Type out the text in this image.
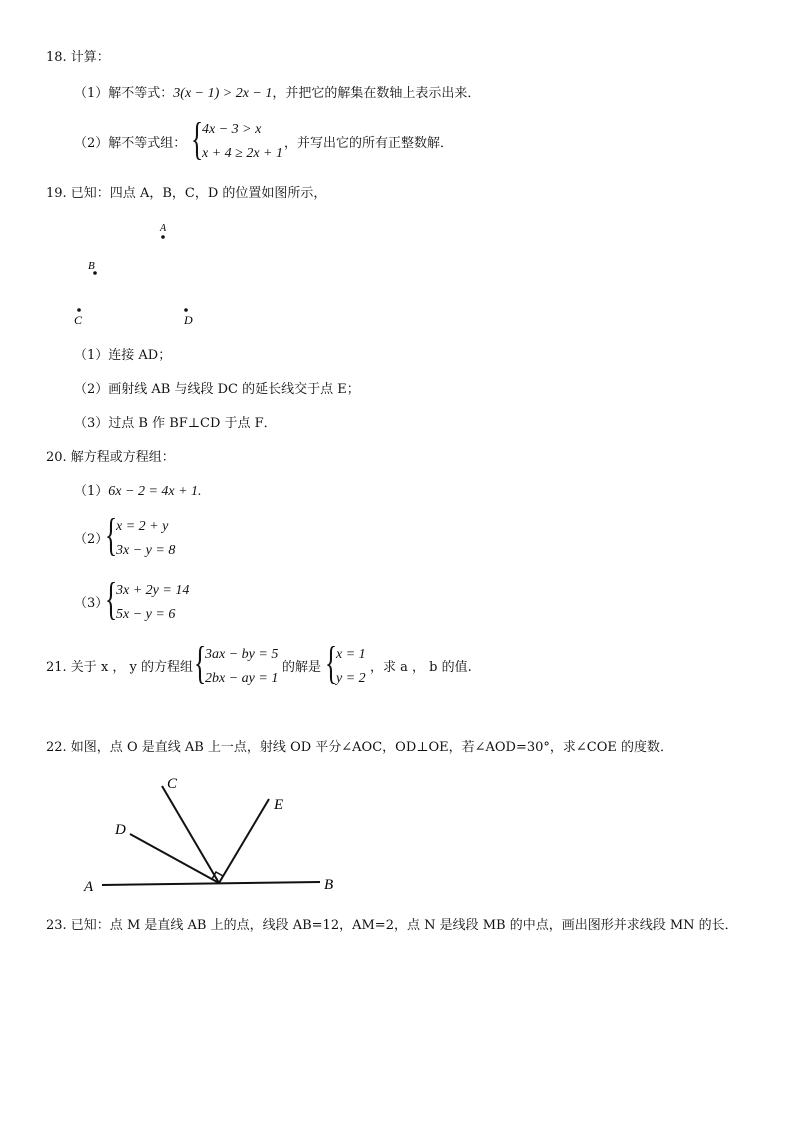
18. 计算：
（1）解不等式：3(x − 1) > 2x − 1，并把它的解集在数轴上表示出来．
（2）解不等式组： {
4x − 3 > x
x + 4 ≥ 2x + 1
，并写出它的所有正整数解．
19. 已知：四点 A，B，C，D 的位置如图所示，
A
B
C	D
（1）连接 AD；
（2）画射线 AB 与线段 DC 的延长线交于点 E；
（3）过点 B 作 BF⊥CD 于点 F．
20. 解方程或方程组：
（1）6x − 2 = 4x + 1.
（2）
{
x = 2 + y
3x − y = 8
（3）
{
3x + 2y = 14
5x − y = 6
21. 关于 x ， y 的方程组 {
3ax − by = 5
2bx − ay = 1
的解是 {
x = 1
y = 2
，求 a ， b 的值.
22. 如图，点 O 是直线 AB 上一点，射线 OD 平分∠AOC，OD⊥OE，若∠AOD=30°，求∠COE 的度数．
A	B
C
D
E
23. 已知：点 M 是直线 AB 上的点，线段 AB=12，AM=2，点 N 是线段 MB 的中点，画出图形并求线段 MN 的长．
